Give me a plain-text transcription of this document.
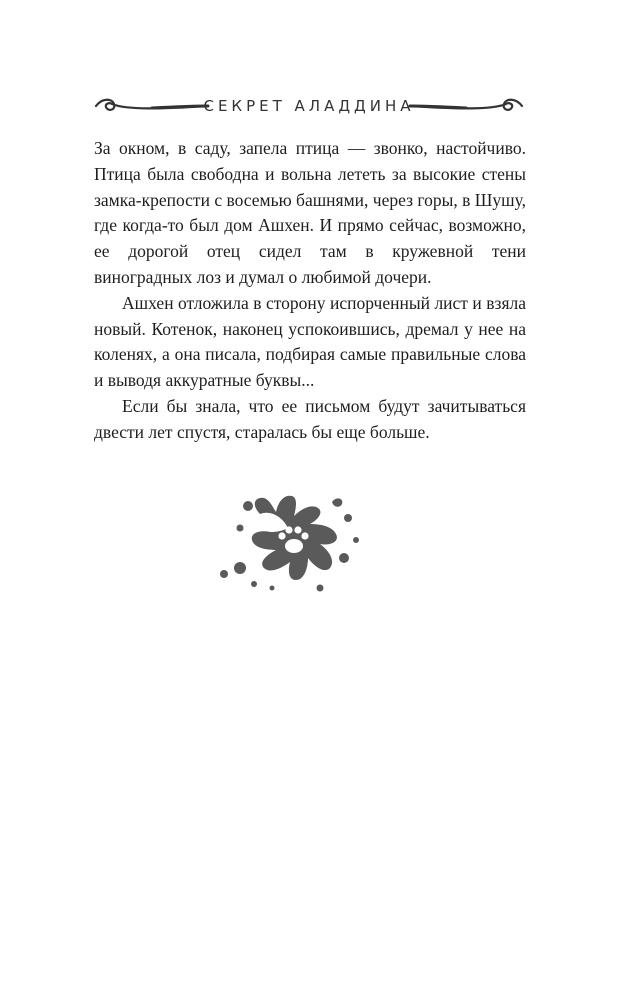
СЕКРЕТ АЛАДДИНА

За окном, в саду, запела птица — звонко, настойчиво. Птица была свободна и вольна лететь за высокие стены замка-крепости с восемью башнями, через горы, в Шушу, где когда-то был дом Ашхен. И прямо сейчас, возможно, ее дорогой отец сидел там в кружевной тени виноградных лоз и думал о любимой дочери.

Ашхен отложила в сторону испорченный лист и взяла новый. Котенок, наконец успокоившись, дремал у нее на коленях, а она писала, подбирая самые правильные слова и выводя аккуратные буквы...

Если бы знала, что ее письмом будут зачитываться двести лет спустя, старалась бы еще больше.
